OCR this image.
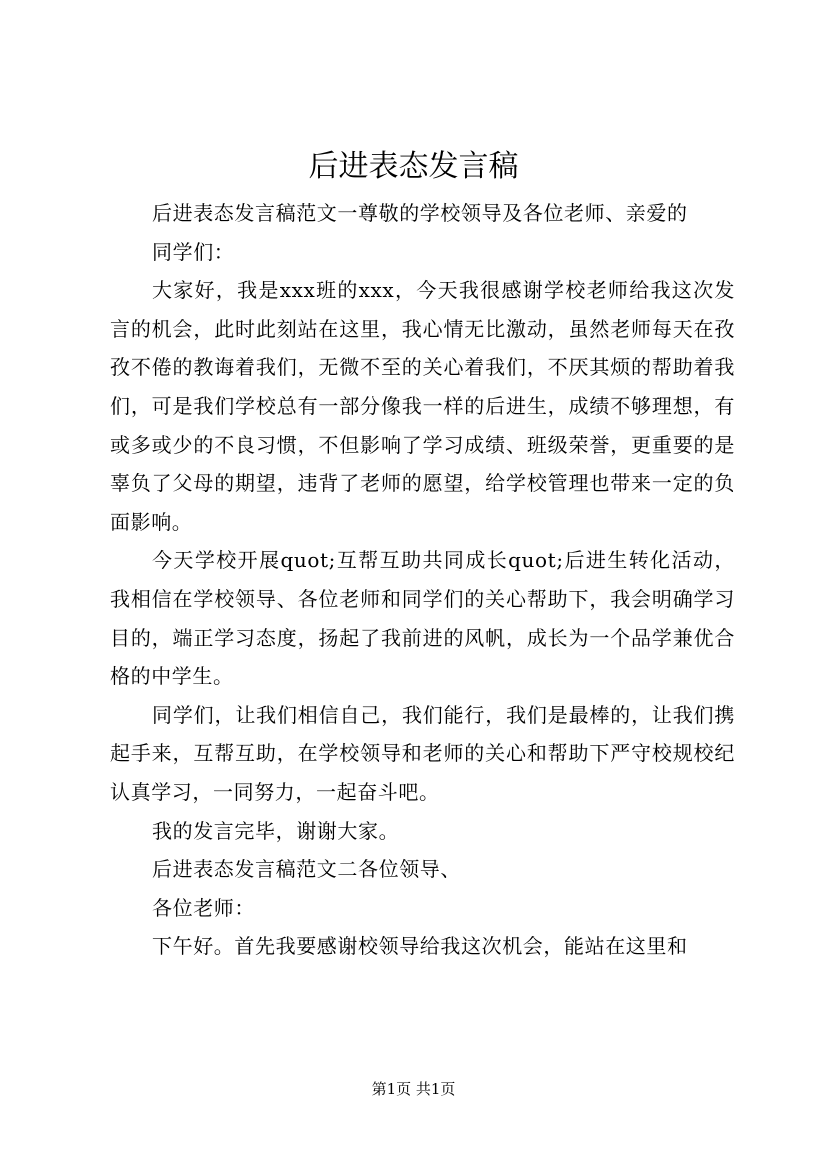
后进表态发言稿

后进表态发言稿范文一尊敬的学校领导及各位老师、亲爱的

同学们：

大家好，我是xxx班的xxx，今天我很感谢学校老师给我这次发言的机会，此时此刻站在这里，我心情无比激动，虽然老师每天在孜孜不倦的教诲着我们，无微不至的关心着我们，不厌其烦的帮助着我们，可是我们学校总有一部分像我一样的后进生，成绩不够理想，有或多或少的不良习惯，不但影响了学习成绩、班级荣誉，更重要的是辜负了父母的期望，违背了老师的愿望，给学校管理也带来一定的负面影响。

今天学校开展quot;互帮互助共同成长quot;后进生转化活动，我相信在学校领导、各位老师和同学们的关心帮助下，我会明确学习目的，端正学习态度，扬起了我前进的风帆，成长为一个品学兼优合格的中学生。

同学们，让我们相信自己，我们能行，我们是最棒的，让我们携起手来，互帮互助，在学校领导和老师的关心和帮助下严守校规校纪认真学习，一同努力，一起奋斗吧。

我的发言完毕，谢谢大家。

后进表态发言稿范文二各位领导、

各位老师：

下午好。首先我要感谢校领导给我这次机会，能站在这里和

第1页 共1页
